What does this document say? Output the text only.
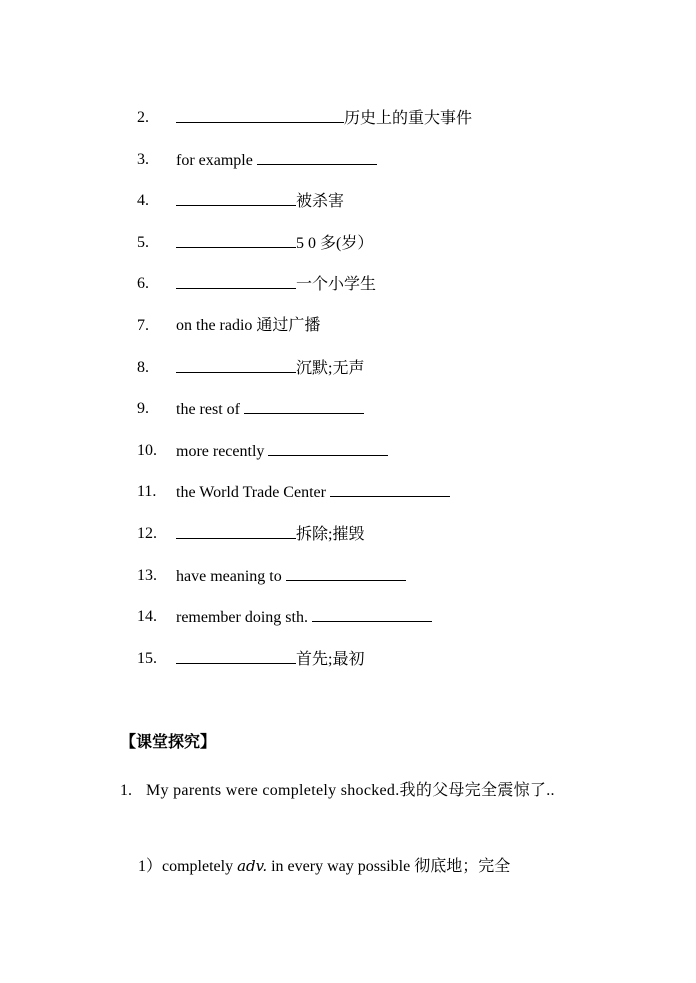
2.	历史上的重大事件
3. for example
4.	被杀害
5.	5 0 多(岁）
6.	一个小学生
7. on the radio 通过广播
8.	沉默;无声
9. the rest of
10. more recently
11. the World Trade Center
12.	拆除;摧毁
13. have meaning to
14. remember doing sth.
15.	首先;最初
【课堂探究】
1. My parents were completely shocked.我的父母完全震惊了..
1）completely adv. in every way possible 彻底地；完全
